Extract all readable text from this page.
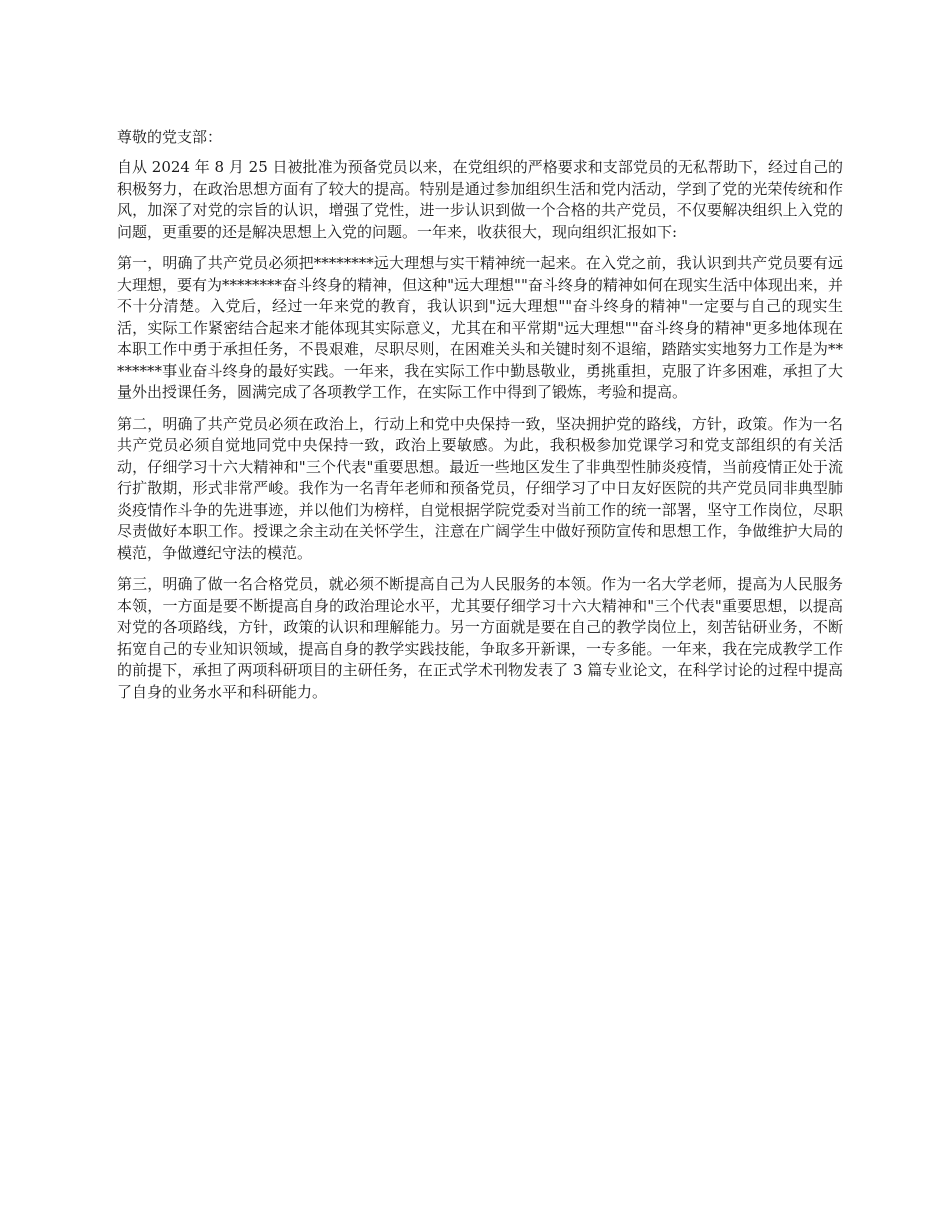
尊敬的党支部：

自从 2024 年 8 月 25 日被批准为预备党员以来，在党组织的严格要求和支部党员的无私帮助下，经过自己的积极努力，在政治思想方面有了较大的提高。特别是通过参加组织生活和党内活动，学到了党的光荣传统和作风，加深了对党的宗旨的认识，增强了党性，进一步认识到做一个合格的共产党员，不仅要解决组织上入党的问题，更重要的还是解决思想上入党的问题。一年来，收获很大，现向组织汇报如下:

第一，明确了共产党员必须把********远大理想与实干精神统一起来。在入党之前，我认识到共产党员要有远大理想，要有为********奋斗终身的精神，但这种"远大理想""奋斗终身的精神如何在现实生活中体现出来，并不十分清楚。入党后，经过一年来党的教育，我认识到"远大理想""奋斗终身的精神"一定要与自己的现实生活，实际工作紧密结合起来才能体现其实际意义，尤其在和平常期"远大理想""奋斗终身的精神"更多地体现在本职工作中勇于承担任务，不畏艰难，尽职尽则，在困难关头和关键时刻不退缩，踏踏实实地努力工作是为********事业奋斗终身的最好实践。一年来，我在实际工作中勤恳敬业，勇挑重担，克服了许多困难，承担了大量外出授课任务，圆满完成了各项教学工作，在实际工作中得到了锻炼，考验和提高。

第二，明确了共产党员必须在政治上，行动上和党中央保持一致，坚决拥护党的路线，方针，政策。作为一名共产党员必须自觉地同党中央保持一致，政治上要敏感。为此，我积极参加党课学习和党支部组织的有关活动，仔细学习十六大精神和"三个代表"重要思想。最近一些地区发生了非典型性肺炎疫情，当前疫情正处于流行扩散期，形式非常严峻。我作为一名青年老师和预备党员，仔细学习了中日友好医院的共产党员同非典型肺炎疫情作斗争的先进事迹，并以他们为榜样，自觉根据学院党委对当前工作的统一部署，坚守工作岗位，尽职尽责做好本职工作。授课之余主动在关怀学生，注意在广阔学生中做好预防宣传和思想工作，争做维护大局的模范，争做遵纪守法的模范。

第三，明确了做一名合格党员，就必须不断提高自己为人民服务的本领。作为一名大学老师，提高为人民服务本领，一方面是要不断提高自身的政治理论水平，尤其要仔细学习十六大精神和"三个代表"重要思想，以提高对党的各项路线，方针，政策的认识和理解能力。另一方面就是要在自己的教学岗位上，刻苦钻研业务，不断拓宽自己的专业知识领域，提高自身的教学实践技能，争取多开新课，一专多能。一年来，我在完成教学工作的前提下，承担了两项科研项目的主研任务，在正式学术刊物发表了 3 篇专业论文，在科学讨论的过程中提高了自身的业务水平和科研能力。
